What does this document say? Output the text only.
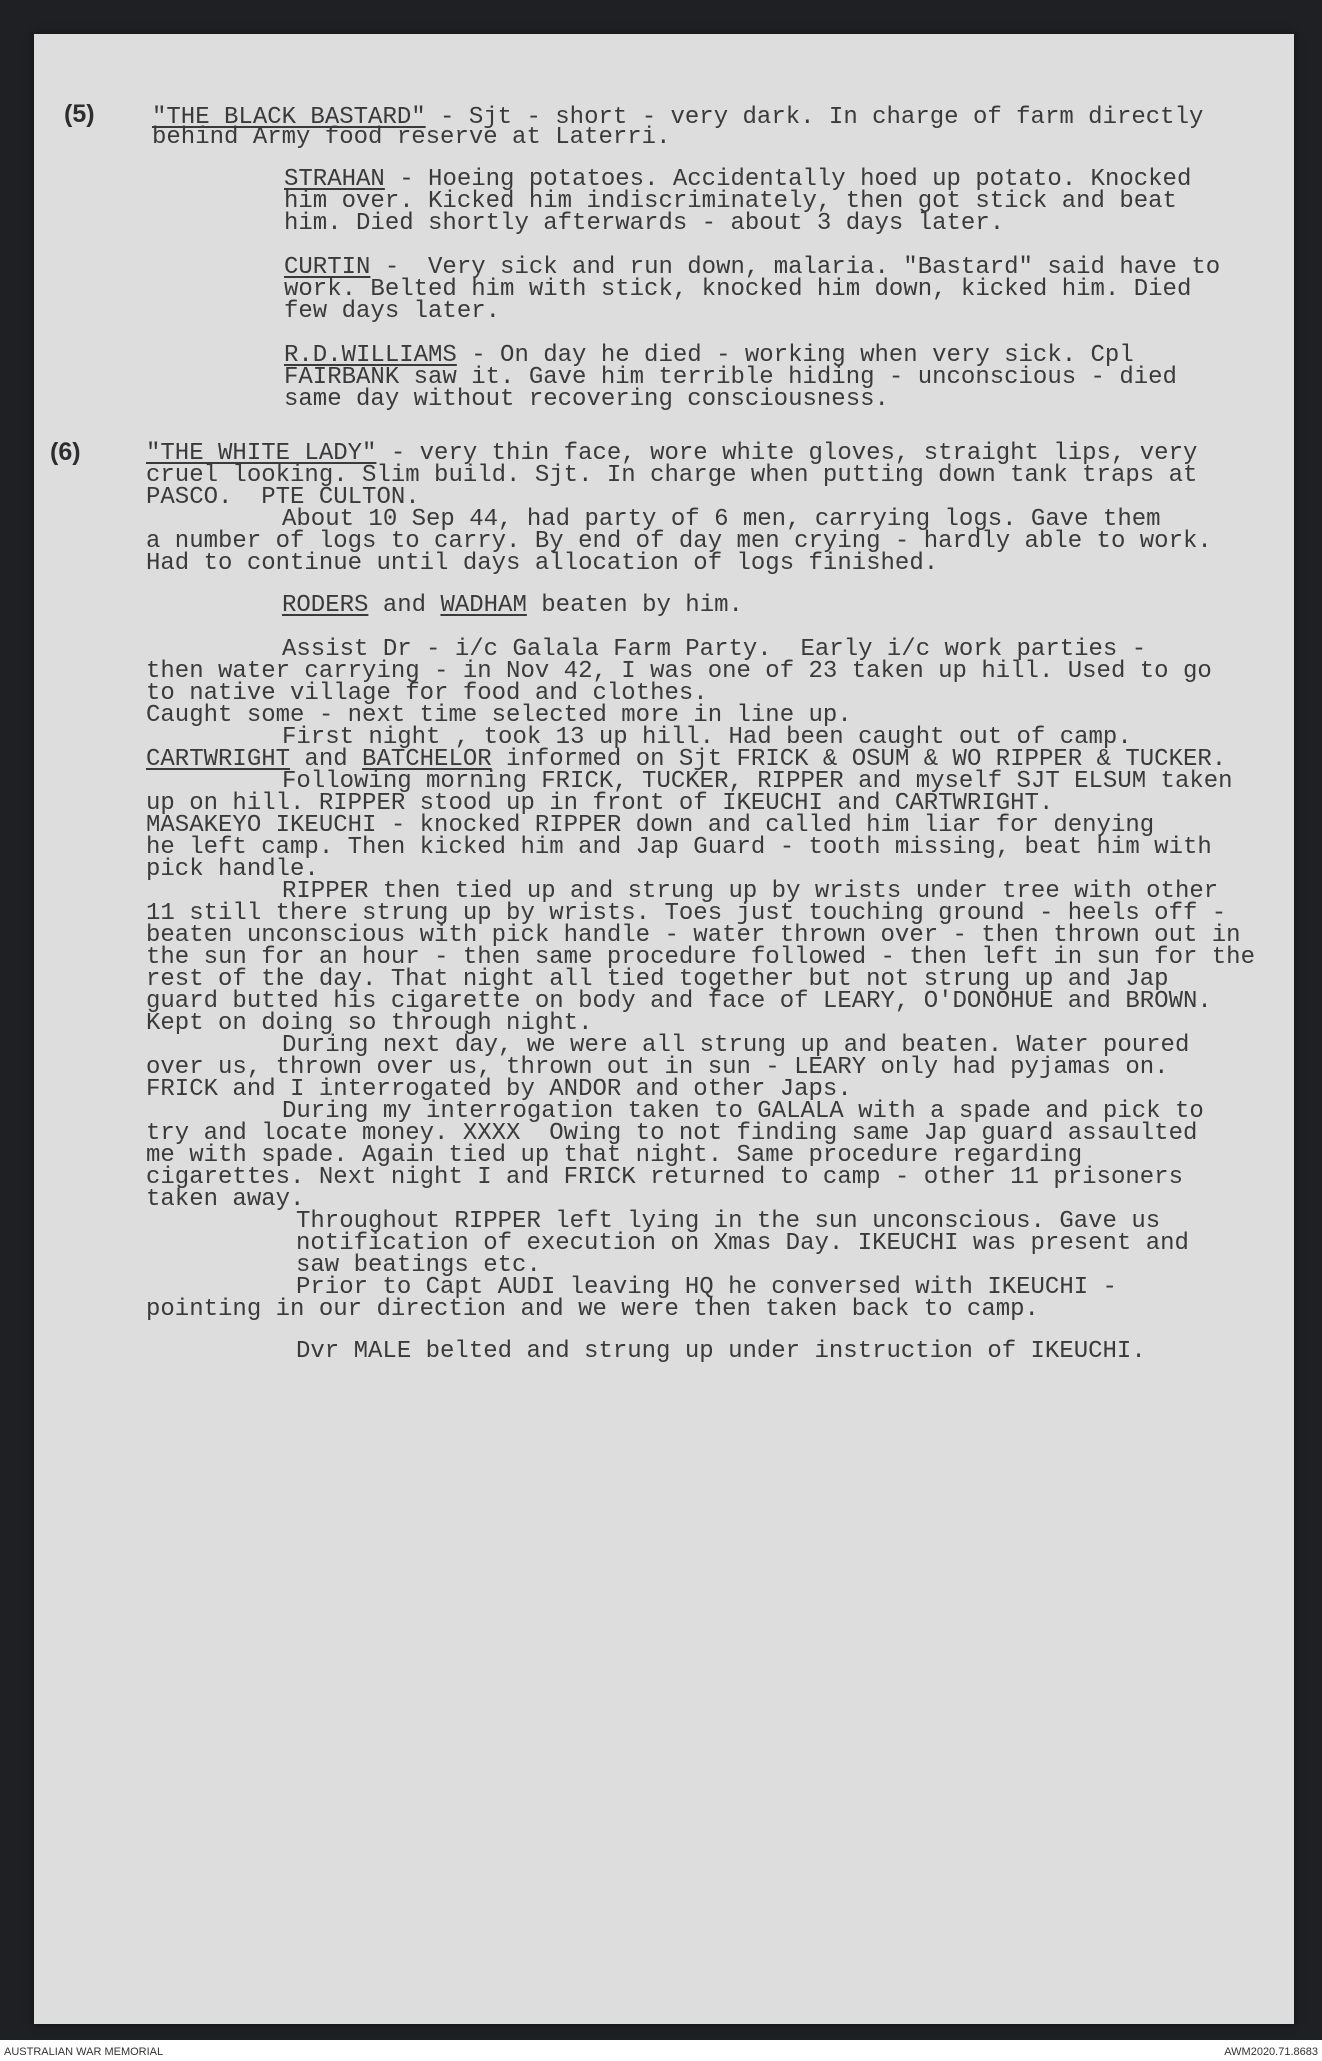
(5) "THE BLACK BASTARD" - Sjt - short - very dark. In charge of farm directly
behind Army food reserve at Laterri.
STRAHAN - Hoeing potatoes. Accidentally hoed up potato. Knocked
him over. Kicked him indiscriminately, then got stick and beat
him. Died shortly afterwards - about 3 days later.
CURTIN -  Very sick and run down, malaria. "Bastard" said have to
work. Belted him with stick, knocked him down, kicked him. Died
few days later.
R.D.WILLIAMS - On day he died - working when very sick. Cpl
FAIRBANK saw it. Gave him terrible hiding - unconscious - died
same day without recovering consciousness.
(6)	"THE WHITE LADY" - very thin face, wore white gloves, straight lips, very
cruel looking. Slim build. Sjt. In charge when putting down tank traps at
PASCO.  PTE CULTON.
About 10 Sep 44, had party of 6 men, carrying logs. Gave them
a number of logs to carry. By end of day men crying - hardly able to work.
Had to continue until days allocation of logs finished.
RODERS and WADHAM beaten by him.
Assist Dr - i/c Galala Farm Party.  Early i/c work parties -
then water carrying - in Nov 42, I was one of 23 taken up hill. Used to go
to native village for food and clothes.
Caught some - next time selected more in line up.
First night , took 13 up hill. Had been caught out of camp.
CARTWRIGHT and BATCHELOR informed on Sjt FRICK & OSUM & WO RIPPER & TUCKER.
Following morning FRICK, TUCKER, RIPPER and myself SJT ELSUM taken
up on hill. RIPPER stood up in front of IKEUCHI and CARTWRIGHT.
MASAKEYO IKEUCHI - knocked RIPPER down and called him liar for denying
he left camp. Then kicked him and Jap Guard - tooth missing, beat him with
pick handle.
RIPPER then tied up and strung up by wrists under tree with other
11 still there strung up by wrists. Toes just touching ground - heels off -
beaten unconscious with pick handle - water thrown over - then thrown out in
the sun for an hour - then same procedure followed - then left in sun for the
rest of the day. That night all tied together but not strung up and Jap
guard butted his cigarette on body and face of LEARY, O'DONOHUE and BROWN.
Kept on doing so through night.
During next day, we were all strung up and beaten. Water poured
over us, thrown over us, thrown out in sun - LEARY only had pyjamas on.
FRICK and I interrogated by ANDOR and other Japs.
During my interrogation taken to GALALA with a spade and pick to
try and locate money. XXXX  Owing to not finding same Jap guard assaulted
me with spade. Again tied up that night. Same procedure regarding
cigarettes. Next night I and FRICK returned to camp - other 11 prisoners
taken away.
Throughout RIPPER left lying in the sun unconscious. Gave us
notification of execution on Xmas Day. IKEUCHI was present and
saw beatings etc.
Prior to Capt AUDI leaving HQ he conversed with IKEUCHI -
pointing in our direction and we were then taken back to camp.
Dvr MALE belted and strung up under instruction of IKEUCHI.
AUSTRALIAN WAR MEMORIAL	AWM2020.71.8683
